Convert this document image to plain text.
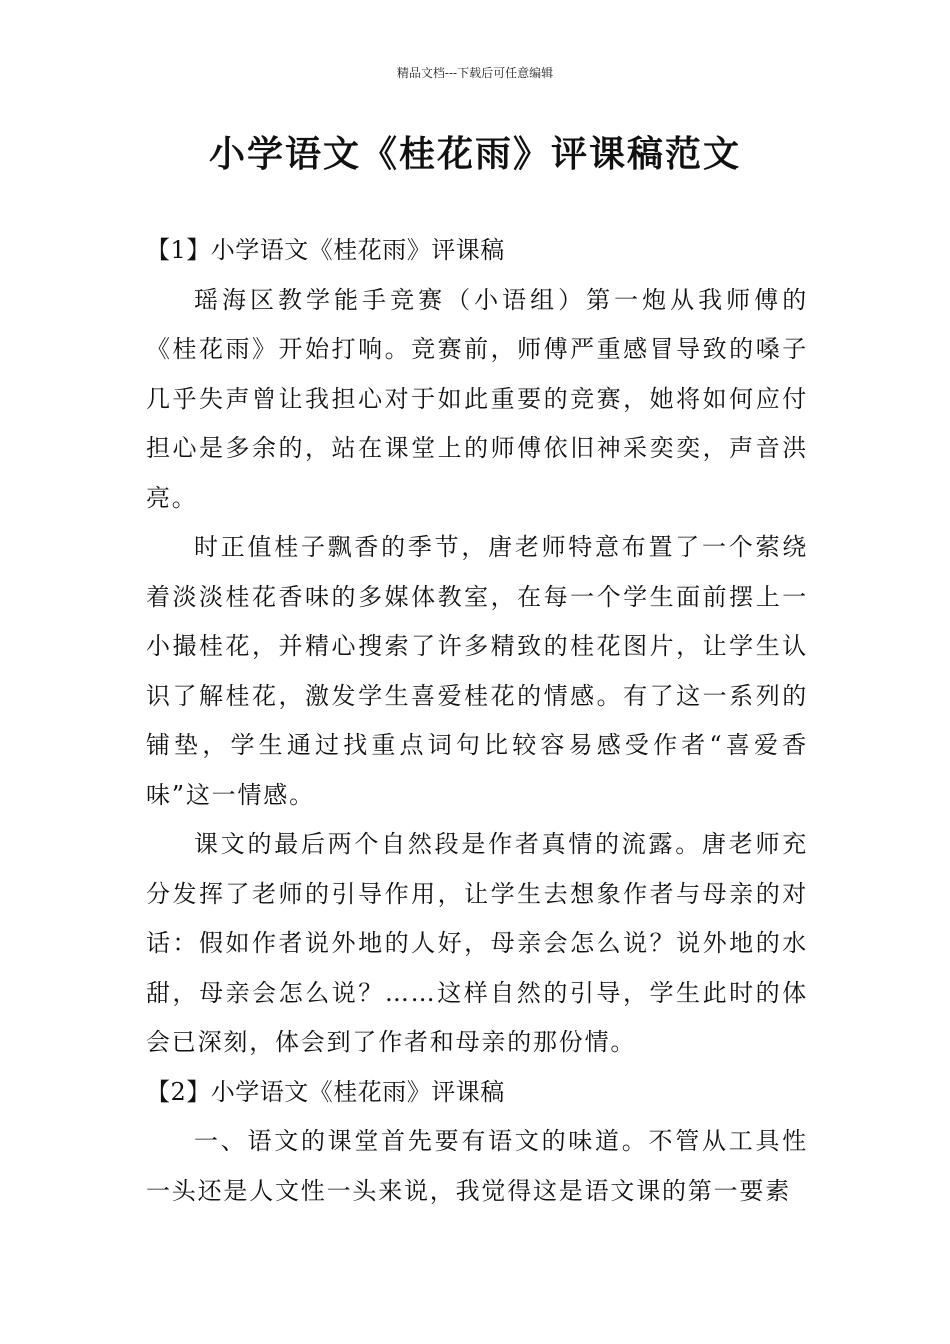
精品文档---下载后可任意编辑
小学语文《桂花雨》评课稿范文

【1】小学语文《桂花雨》评课稿

瑶海区教学能手竞赛（小语组）第一炮从我师傅的《桂花雨》开始打响。竞赛前，师傅严重感冒导致的嗓子几乎失声曾让我担心对于如此重要的竞赛，她将如何应付担心是多余的，站在课堂上的师傅依旧神采奕奕，声音洪亮。

时正值桂子飘香的季节，唐老师特意布置了一个萦绕着淡淡桂花香味的多媒体教室，在每一个学生面前摆上一小撮桂花，并精心搜索了许多精致的桂花图片，让学生认识了解桂花，激发学生喜爱桂花的情感。有了这一系列的铺垫，学生通过找重点词句比较容易感受作者“喜爱香味”这一情感。

课文的最后两个自然段是作者真情的流露。唐老师充分发挥了老师的引导作用，让学生去想象作者与母亲的对话：假如作者说外地的人好，母亲会怎么说？说外地的水甜，母亲会怎么说？……这样自然的引导，学生此时的体会已深刻，体会到了作者和母亲的那份情。

【2】小学语文《桂花雨》评课稿

一、语文的课堂首先要有语文的味道。不管从工具性一头还是人文性一头来说，我觉得这是语文课的第一要素
